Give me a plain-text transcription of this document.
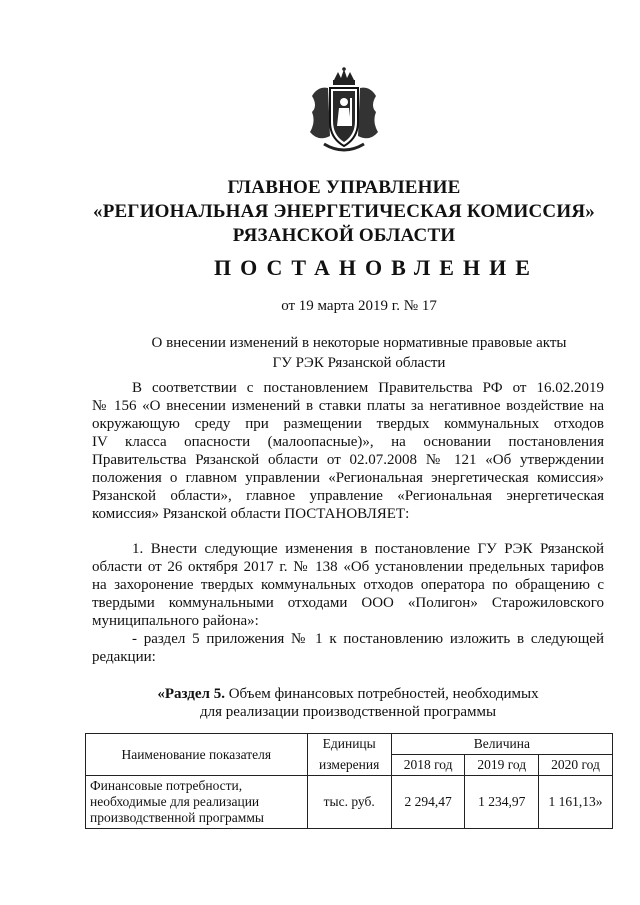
ГЛАВНОЕ УПРАВЛЕНИЕ
«РЕГИОНАЛЬНАЯ ЭНЕРГЕТИЧЕСКАЯ КОМИССИЯ»
РЯЗАНСКОЙ ОБЛАСТИ
ПОСТАНОВЛЕНИЕ
от 19 марта 2019 г. № 17
О внесении изменений в некоторые нормативные правовые акты
ГУ РЭК Рязанской области
В соответствии с постановлением Правительства РФ от 16.02.2019
№ 156 «О внесении изменений в ставки платы за негативное воздействие на
окружающую среду при размещении твердых коммунальных отходов
IV класса опасности (малоопасные)», на основании постановления
Правительства Рязанской области от 02.07.2008 № 121 «Об утверждении
положения о главном управлении «Региональная энергетическая комиссия»
Рязанской области», главное управление «Региональная энергетическая
комиссия» Рязанской области ПОСТАНОВЛЯЕТ:
1. Внести следующие изменения в постановление ГУ РЭК Рязанской
области от 26 октября 2017 г. № 138 «Об установлении предельных тарифов
на захоронение твердых коммунальных отходов оператора по обращению с
твердыми коммунальными отходами ООО «Полигон» Старожиловского
муниципального района»:
- раздел 5 приложения № 1 к постановлению изложить в следующей
редакции:
«Раздел 5. Объем финансовых потребностей, необходимых
для реализации производственной программы
Наименование показателя	Единицы	Величина		
	измерения	2018 год	2019 год	2020 год

Финансовые потребности,
необходимые для реализации
производственной программы	тыс. руб.	2 294,47	1 234,97	1 161,13»
